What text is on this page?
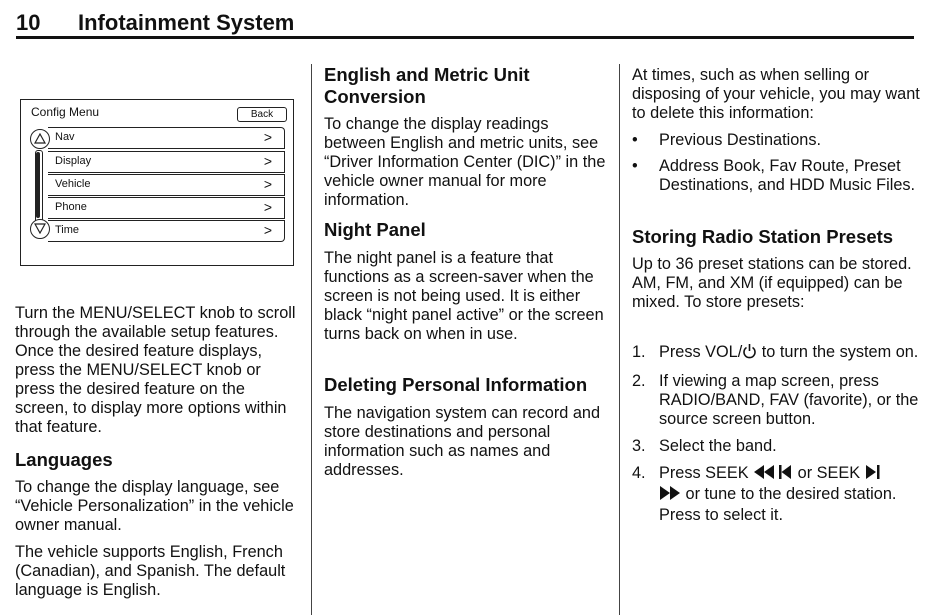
10 Infotainment System
Config Menu	Back
Nav	>
Display	>
Vehicle	>
Phone	>
Time	>

Turn the MENU/SELECT knob to scroll through the available setup features. Once the desired feature displays, press the MENU/SELECT knob or press the desired feature on the screen, to display more options within that feature.

Languages

To change the display language, see “Vehicle Personalization” in the vehicle owner manual.

The vehicle supports English, French (Canadian), and Spanish. The default language is English.

English and Metric Unit Conversion

To change the display readings between English and metric units, see “Driver Information Center (DIC)” in the vehicle owner manual for more information.

Night Panel

The night panel is a feature that functions as a screen-saver when the screen is not being used. It is either black “night panel active” or the screen turns back on when in use.

Deleting Personal Information

The navigation system can record and store destinations and personal information such as names and addresses.

At times, such as when selling or disposing of your vehicle, you may want to delete this information:

• Previous Destinations.
• Address Book, Fav Route, Preset Destinations, and HDD Music Files.
Storing Radio Station Presets

Up to 36 preset stations can be stored. AM, FM, and XM (if equipped) can be mixed. To store presets:

1. Press VOL/ to turn the system on.
2. If viewing a map screen, press RADIO/BAND, FAV (favorite), or the source screen button.
3. Select the band.
4. Press SEEK  or SEEK
or tune to the desired station. Press to select it.
